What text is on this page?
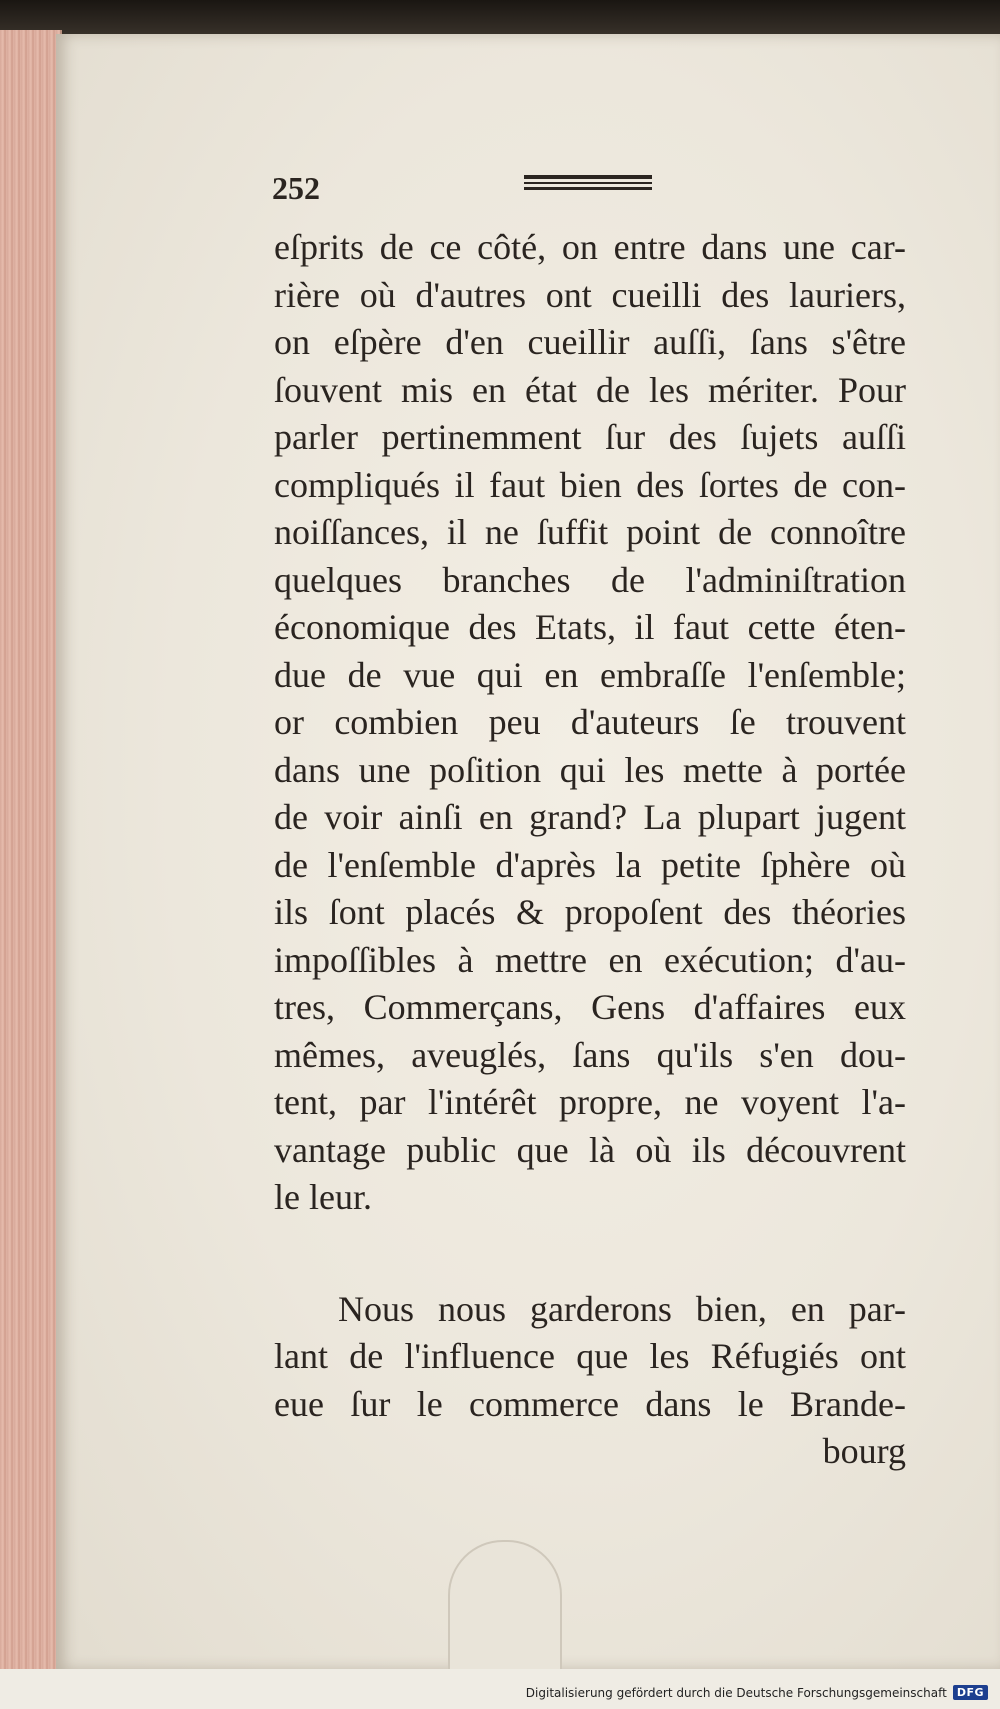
252
eſprits de ce côté, on entre dans une car-
rière où d'autres ont cueilli des lauriers,
on eſpère d'en cueillir auſſi, ſans s'être
ſouvent mis en état de les mériter. Pour
parler pertinemment ſur des ſujets auſſi
compliqués il faut bien des ſortes de con-
noiſſances, il ne ſuffit point de connoître
quelques branches de l'adminiſtration
économique des Etats, il faut cette éten-
due de vue qui en embraſſe l'enſemble;
or combien peu d'auteurs ſe trouvent
dans une poſition qui les mette à portée
de voir ainſi en grand? La plupart jugent
de l'enſemble d'après la petite ſphère où
ils ſont placés & propoſent des théories
impoſſibles à mettre en exécution; d'au-
tres, Commerçans, Gens d'affaires eux
mêmes, aveuglés, ſans qu'ils s'en dou-
tent, par l'intérêt propre, ne voyent l'a-
vantage public que là où ils découvrent
le leur.
Nous nous garderons bien, en par-
lant de l'influence que les Réfugiés ont
eue ſur le commerce dans le Brande-
bourg
Digitalisierung gefördert durch die Deutsche Forschungsgemeinschaft DFG
